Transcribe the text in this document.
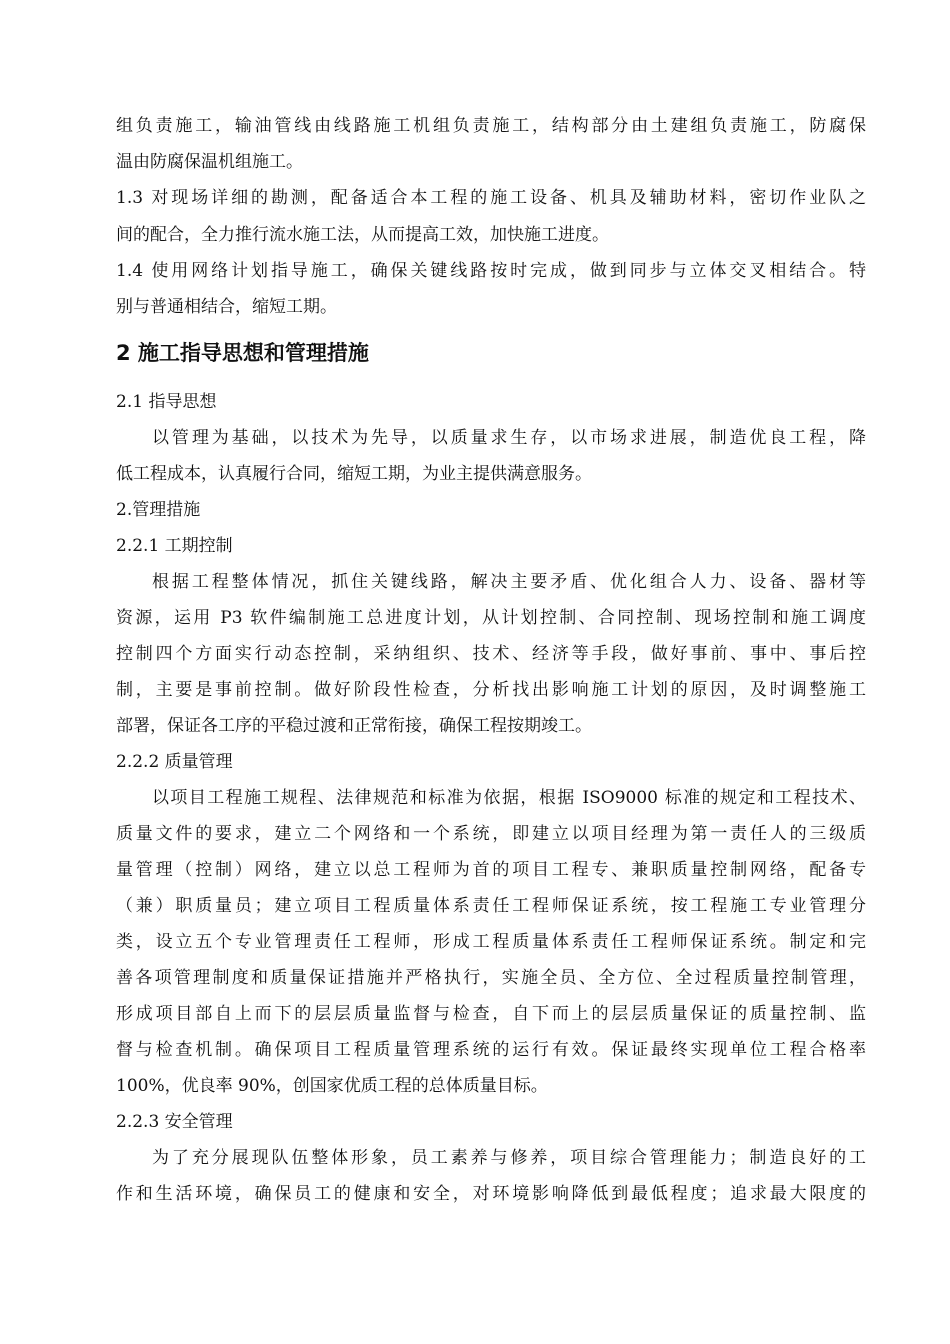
组负责施工，输油管线由线路施工机组负责施工，结构部分由土建组负责施工，防腐保
温由防腐保温机组施工。
1.3 对现场详细的勘测，配备适合本工程的施工设备、机具及辅助材料，密切作业队之
间的配合，全力推行流水施工法，从而提高工效，加快施工进度。
1.4 使用网络计划指导施工，确保关键线路按时完成，做到同步与立体交叉相结合。特
别与普通相结合，缩短工期。
2 施工指导思想和管理措施
2.1 指导思想
以管理为基础，以技术为先导，以质量求生存，以市场求进展，制造优良工程，降
低工程成本，认真履行合同，缩短工期，为业主提供满意服务。
2.管理措施
2.2.1 工期控制
根据工程整体情况，抓住关键线路，解决主要矛盾、优化组合人力、设备、器材等
资源，运用 P3 软件编制施工总进度计划，从计划控制、合同控制、现场控制和施工调度
控制四个方面实行动态控制，采纳组织、技术、经济等手段，做好事前、事中、事后控
制，主要是事前控制。做好阶段性检查，分析找出影响施工计划的原因，及时调整施工
部署，保证各工序的平稳过渡和正常衔接，确保工程按期竣工。
2.2.2 质量管理
以项目工程施工规程、法律规范和标准为依据，根据 ISO9000 标准的规定和工程技术、
质量文件的要求，建立二个网络和一个系统，即建立以项目经理为第一责任人的三级质
量管理（控制）网络，建立以总工程师为首的项目工程专、兼职质量控制网络，配备专
（兼）职质量员；建立项目工程质量体系责任工程师保证系统，按工程施工专业管理分
类，设立五个专业管理责任工程师，形成工程质量体系责任工程师保证系统。制定和完
善各项管理制度和质量保证措施并严格执行，实施全员、全方位、全过程质量控制管理，
形成项目部自上而下的层层质量监督与检查，自下而上的层层质量保证的质量控制、监
督与检查机制。确保项目工程质量管理系统的运行有效。保证最终实现单位工程合格率
100%，优良率 90%，创国家优质工程的总体质量目标。
2.2.3 安全管理
为了充分展现队伍整体形象，员工素养与修养，项目综合管理能力；制造良好的工
作和生活环境，确保员工的健康和安全，对环境影响降低到最低程度；追求最大限度的
